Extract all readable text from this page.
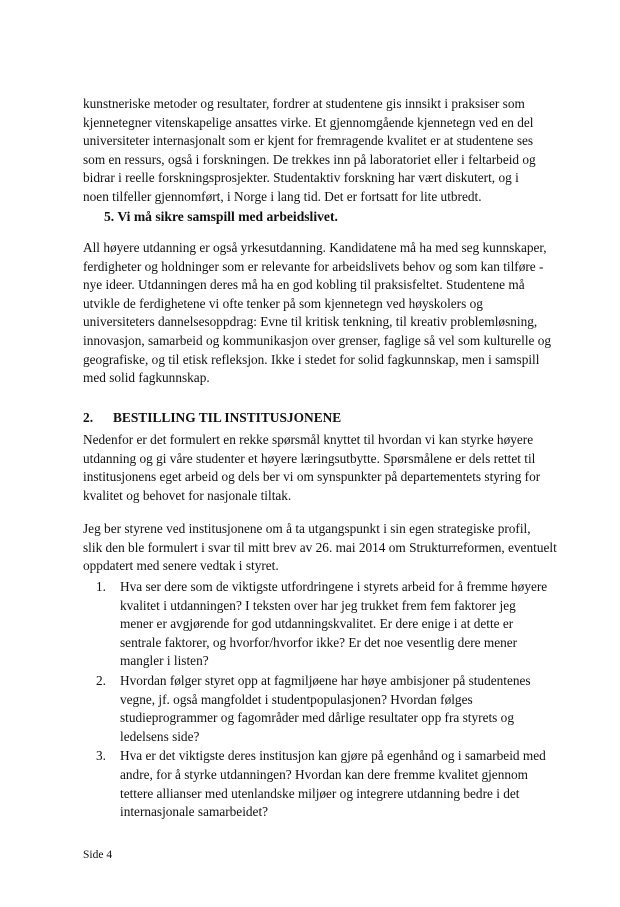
kunstneriske metoder og resultater, fordrer at studentene gis innsikt i praksiser som
kjennetegner vitenskapelige ansattes virke. Et gjennomgående kjennetegn ved en del
universiteter internasjonalt som er kjent for fremragende kvalitet er at studentene ses
som en ressurs, også i forskningen. De trekkes inn på laboratoriet eller i feltarbeid og
bidrar i reelle forskningsprosjekter. Studentaktiv forskning har vært diskutert, og i
noen tilfeller gjennomført, i Norge i lang tid. Det er fortsatt for lite utbredt.
5. Vi må sikre samspill med arbeidslivet.
All høyere utdanning er også yrkesutdanning. Kandidatene må ha med seg kunnskaper,
ferdigheter og holdninger som er relevante for arbeidslivets behov og som kan tilføre -
nye ideer. Utdanningen deres må ha en god kobling til praksisfeltet. Studentene må
utvikle de ferdighetene vi ofte tenker på som kjennetegn ved høyskolers og
universiteters dannelsesoppdrag: Evne til kritisk tenkning, til kreativ problemløsning,
innovasjon, samarbeid og kommunikasjon over grenser, faglige så vel som kulturelle og
geografiske, og til etisk refleksjon. Ikke i stedet for solid fagkunnskap, men i samspill
med solid fagkunnskap.
2. BESTILLING TIL INSTITUSJONENE
Nedenfor er det formulert en rekke spørsmål knyttet til hvordan vi kan styrke høyere
utdanning og gi våre studenter et høyere læringsutbytte. Spørsmålene er dels rettet til
institusjonens eget arbeid og dels ber vi om synspunkter på departementets styring for
kvalitet og behovet for nasjonale tiltak.
Jeg ber styrene ved institusjonene om å ta utgangspunkt i sin egen strategiske profil,
slik den ble formulert i svar til mitt brev av 26. mai 2014 om Strukturreformen, eventuelt
oppdatert med senere vedtak i styret.
1.	Hva ser dere som de viktigste utfordringene i styrets arbeid for å fremme høyere
kvalitet i utdanningen? I teksten over har jeg trukket frem fem faktorer jeg
mener er avgjørende for god utdanningskvalitet. Er dere enige i at dette er
sentrale faktorer, og hvorfor/hvorfor ikke? Er det noe vesentlig dere mener
mangler i listen?
2.	Hvordan følger styret opp at fagmiljøene har høye ambisjoner på studentenes
vegne, jf. også mangfoldet i studentpopulasjonen? Hvordan følges
studieprogrammer og fagområder med dårlige resultater opp fra styrets og
ledelsens side?
3.	Hva er det viktigste deres institusjon kan gjøre på egenhånd og i samarbeid med
andre, for å styrke utdanningen? Hvordan kan dere fremme kvalitet gjennom
tettere allianser med utenlandske miljøer og integrere utdanning bedre i det
internasjonale samarbeidet?
Side 4
